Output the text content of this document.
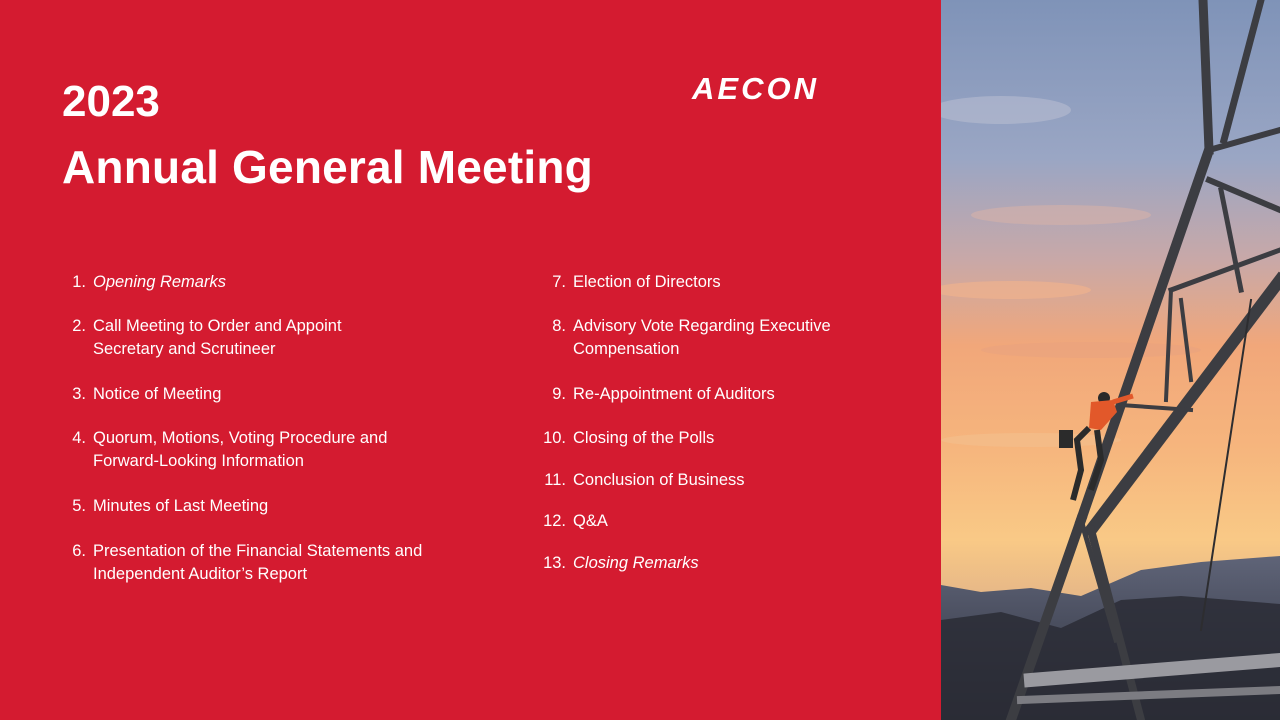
2023
Annual General Meeting
AECON
1. Opening Remarks
2. Call Meeting to Order and Appoint Secretary and Scrutineer
3. Notice of Meeting
4. Quorum, Motions, Voting Procedure and Forward-Looking Information
5. Minutes of Last Meeting
6. Presentation of the Financial Statements and Independent Auditor’s Report
7. Election of Directors
8. Advisory Vote Regarding Executive Compensation
9. Re-Appointment of Auditors
10. Closing of the Polls
11. Conclusion of Business
12. Q&A
13. Closing Remarks
